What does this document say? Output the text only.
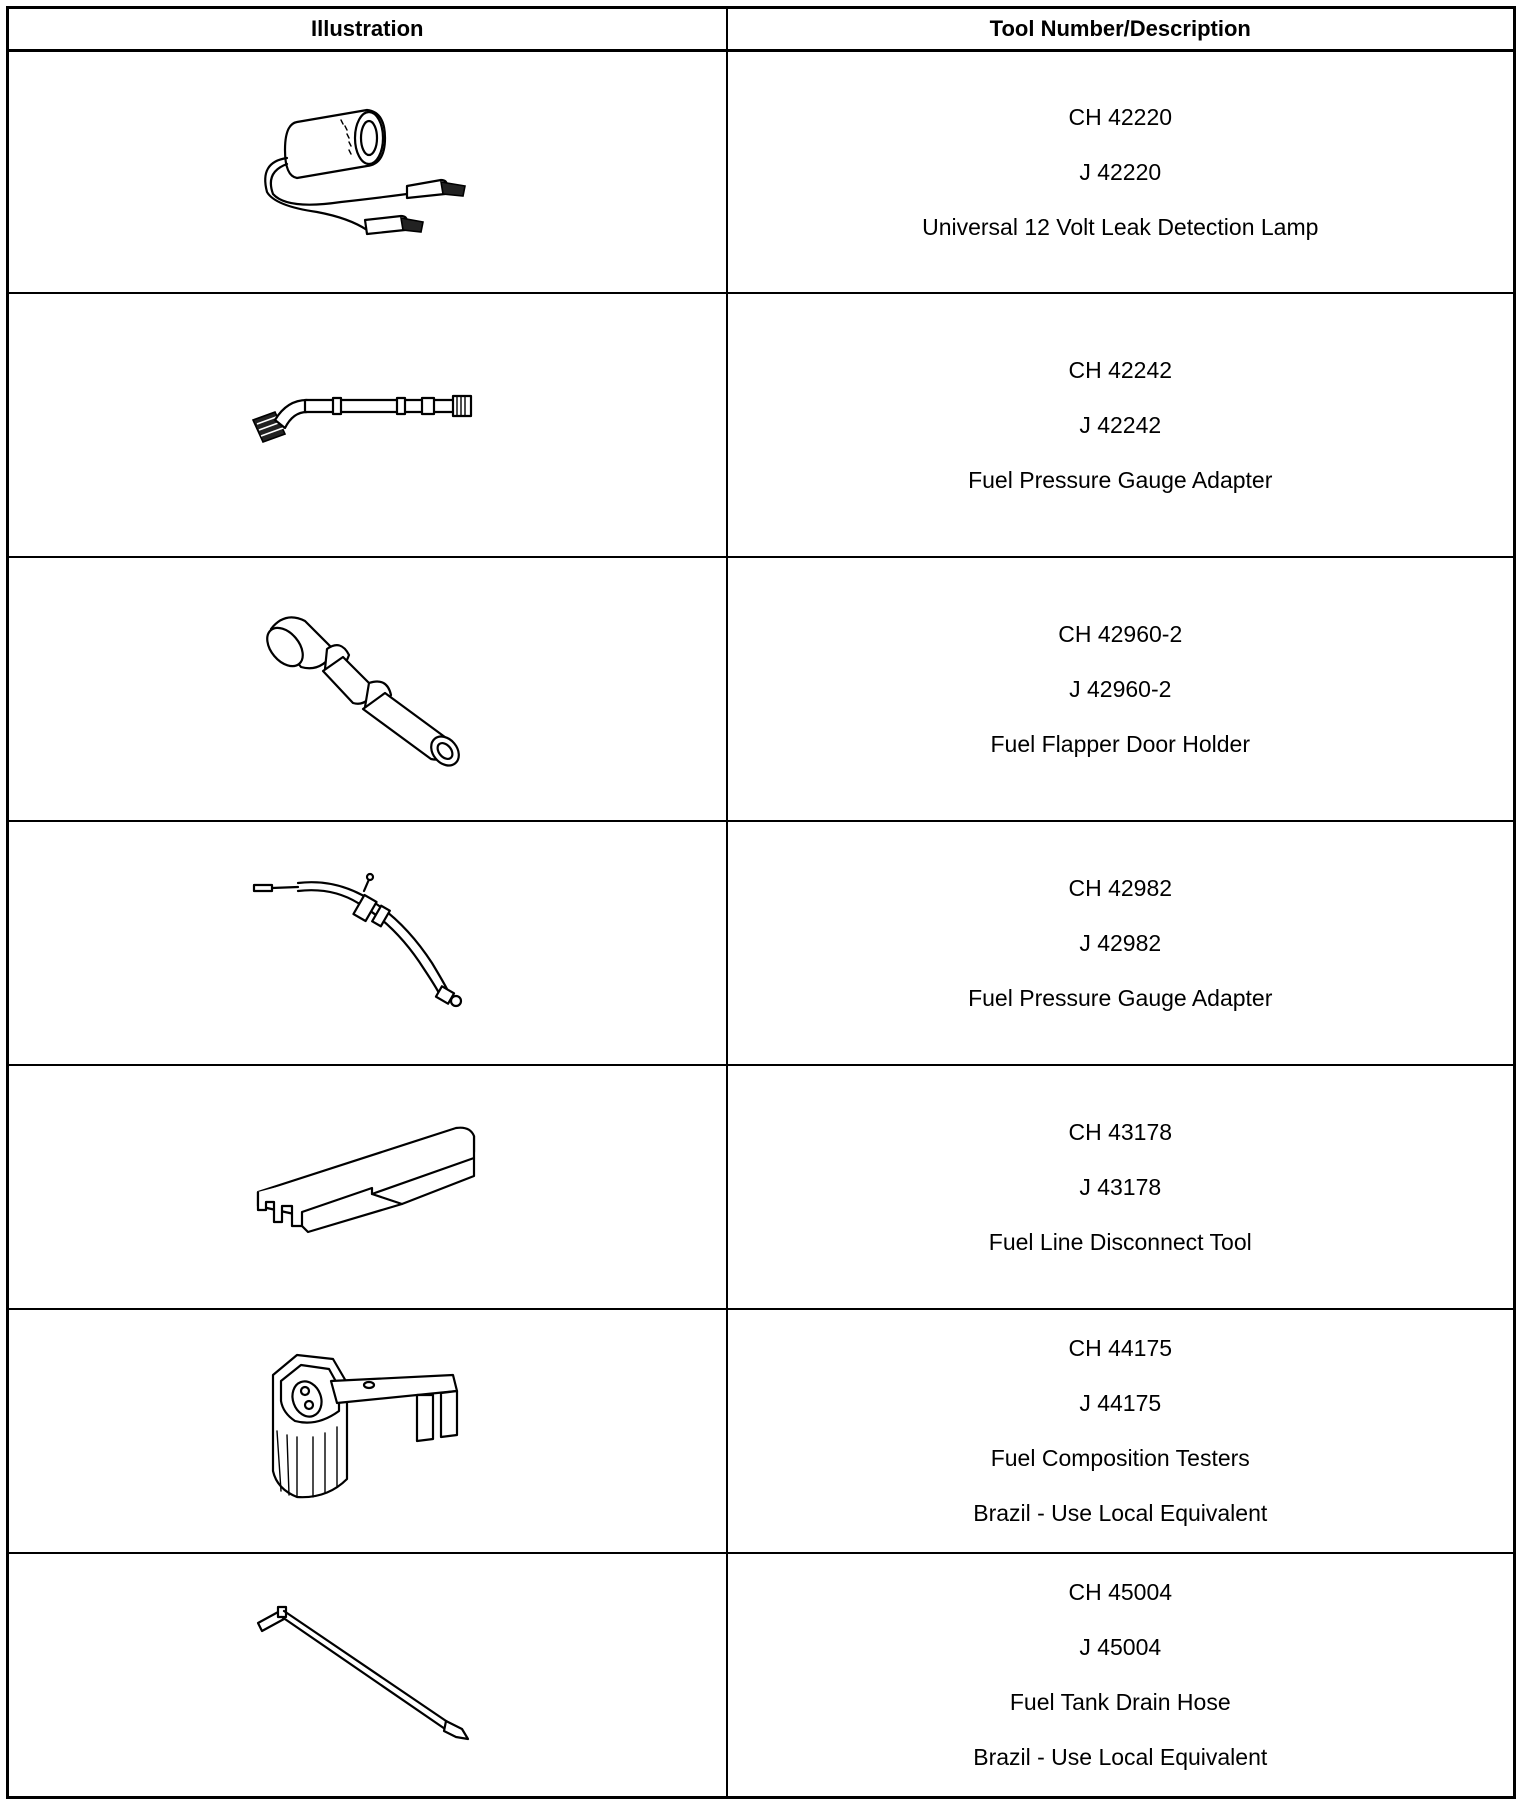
Illustration	Tool Number/Description

CH 42220
J 42220
Universal 12 Volt Leak Detection Lamp

CH 42242
J 42242
Fuel Pressure Gauge Adapter

CH 42960-2
J 42960-2
Fuel Flapper Door Holder

CH 42982
J 42982
Fuel Pressure Gauge Adapter

CH 43178
J 43178
Fuel Line Disconnect Tool

CH 44175
J 44175
Fuel Composition Testers
Brazil - Use Local Equivalent

CH 45004
J 45004
Fuel Tank Drain Hose
Brazil - Use Local Equivalent
